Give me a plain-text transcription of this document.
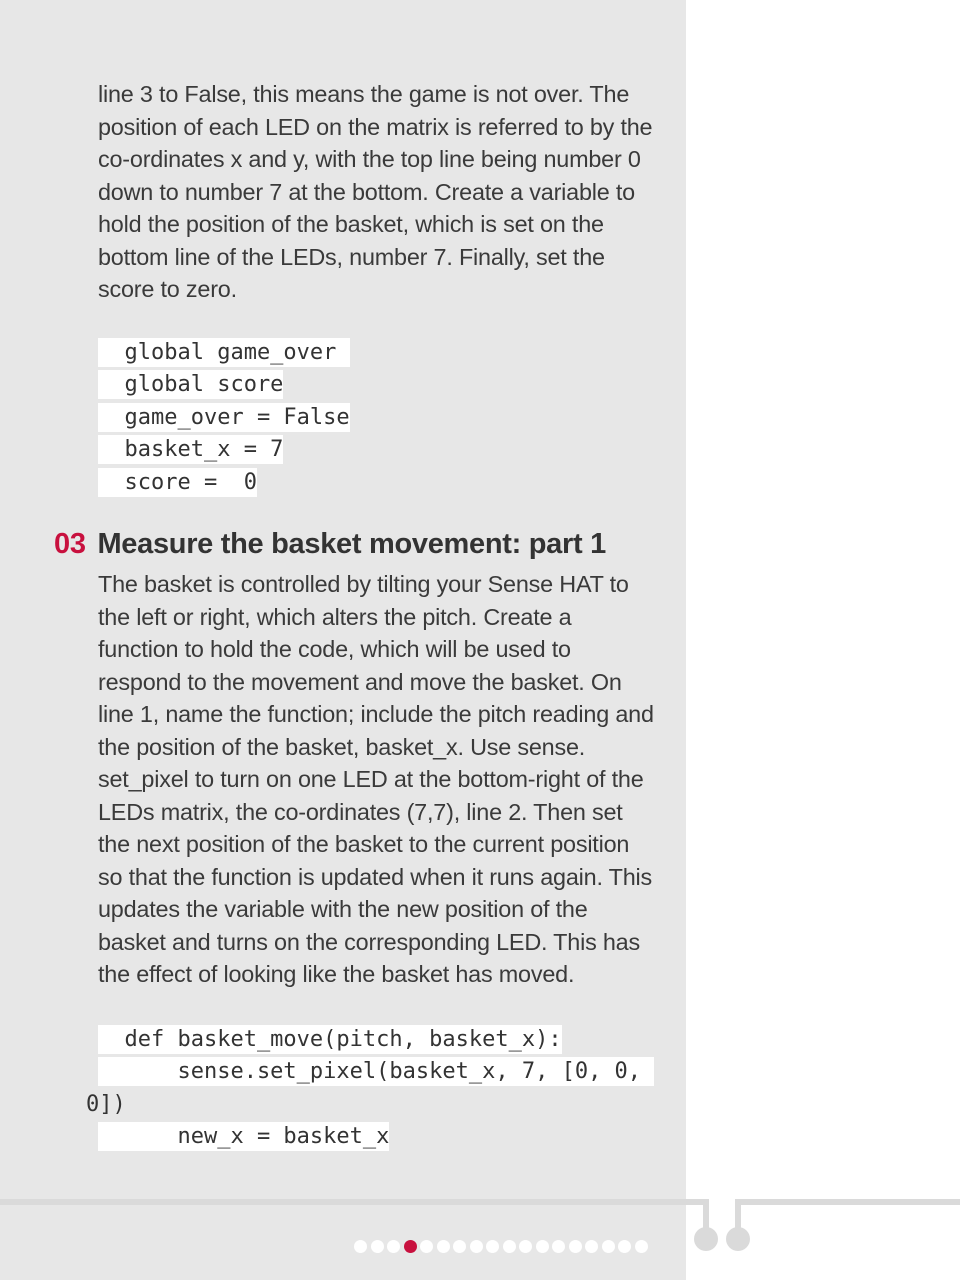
line 3 to False, this means the game is not over. The position of each LED on the matrix is referred to by the co-ordinates x and y, with the top line being number 0 down to number 7 at the bottom. Create a variable to hold the position of the basket, which is set on the bottom line of the LEDs, number 7. Finally, set the score to zero.

global game_over
global score
game_over = False
basket_x = 7
score =  0
03 Measure the basket movement: part 1

The basket is controlled by tilting your Sense HAT to the left or right, which alters the pitch. Create a function to hold the code, which will be used to respond to the movement and move the basket. On line 1, name the function; include the pitch reading and the position of the basket, basket_x. Use sense. set_pixel to turn on one LED at the bottom-right of the LEDs matrix, the co-ordinates (7,7), line 2. Then set the next position of the basket to the current position so that the function is updated when it runs again. This updates the variable with the new position of the basket and turns on the corresponding LED. This has the effect of looking like the basket has moved.

def basket_move(pitch, basket_x):
sense.set_pixel(basket_x, 7, [0, 0,
0])
new_x = basket_x
